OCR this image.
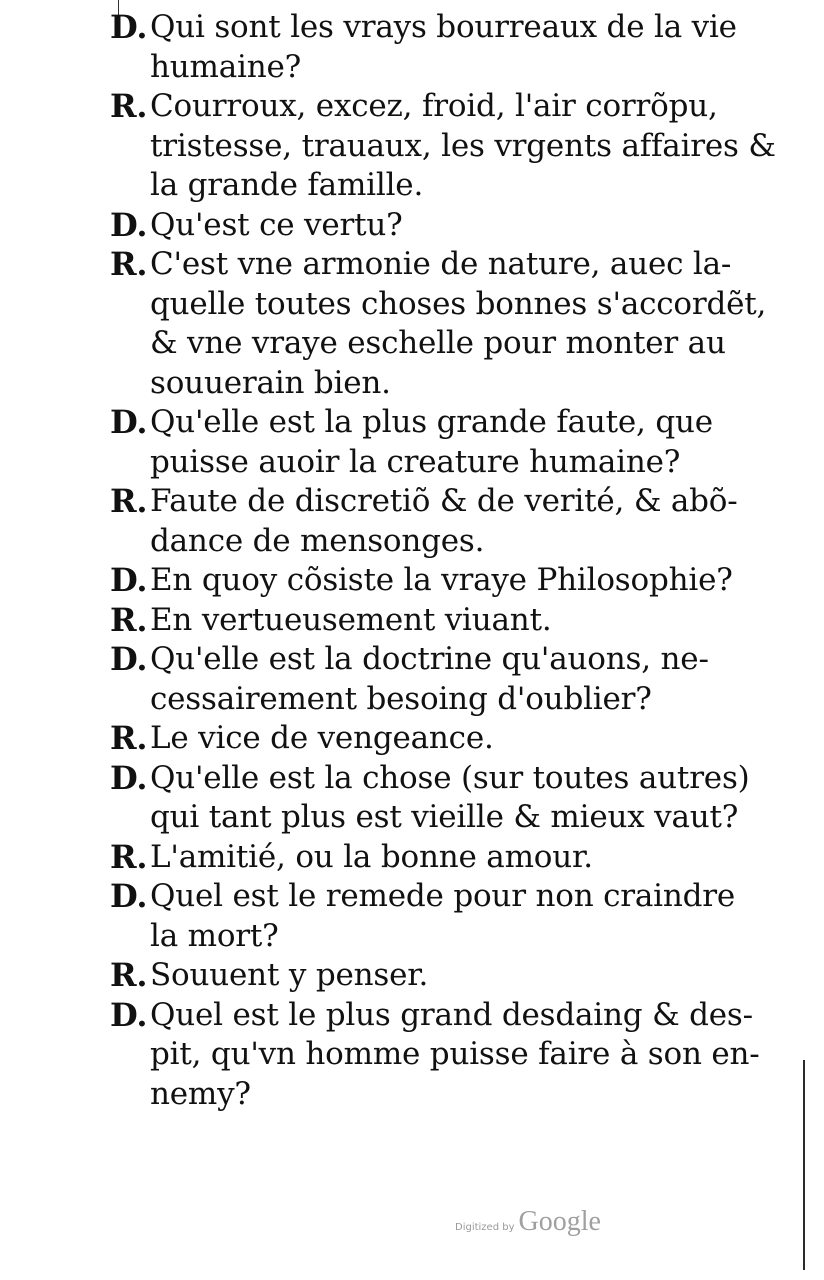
D. Qui sont les vrays bourreaux de la vie
humaine?
R. Courroux, excez, froid, l'air corrõpu,
tristesse, trauaux, les vrgents affaires &
la grande famille.
D. Qu'est ce vertu?
R. C'est vne armonie de nature, auec la-
quelle toutes choses bonnes s'accordẽt,
& vne vraye eschelle pour monter au
souuerain bien.
D. Qu'elle est la plus grande faute, que
puisse auoir la creature humaine?
R. Faute de discretiõ & de verité, & abõ-
dance de mensonges.
D. En quoy cõsiste la vraye Philosophie?
R. En vertueusement viuant.
D. Qu'elle est la doctrine qu'auons, ne-
cessairement besoing d'oublier?
R. Le vice de vengeance.
D. Qu'elle est la chose (sur toutes autres)
qui tant plus est vieille & mieux vaut?
R. L'amitié, ou la bonne amour.
D. Quel est le remede pour non craindre
la mort?
R. Souuent y penser.
D. Quel est le plus grand desdaing & des-
pit, qu'vn homme puisse faire à son en-
nemy?
Digitized by Google
